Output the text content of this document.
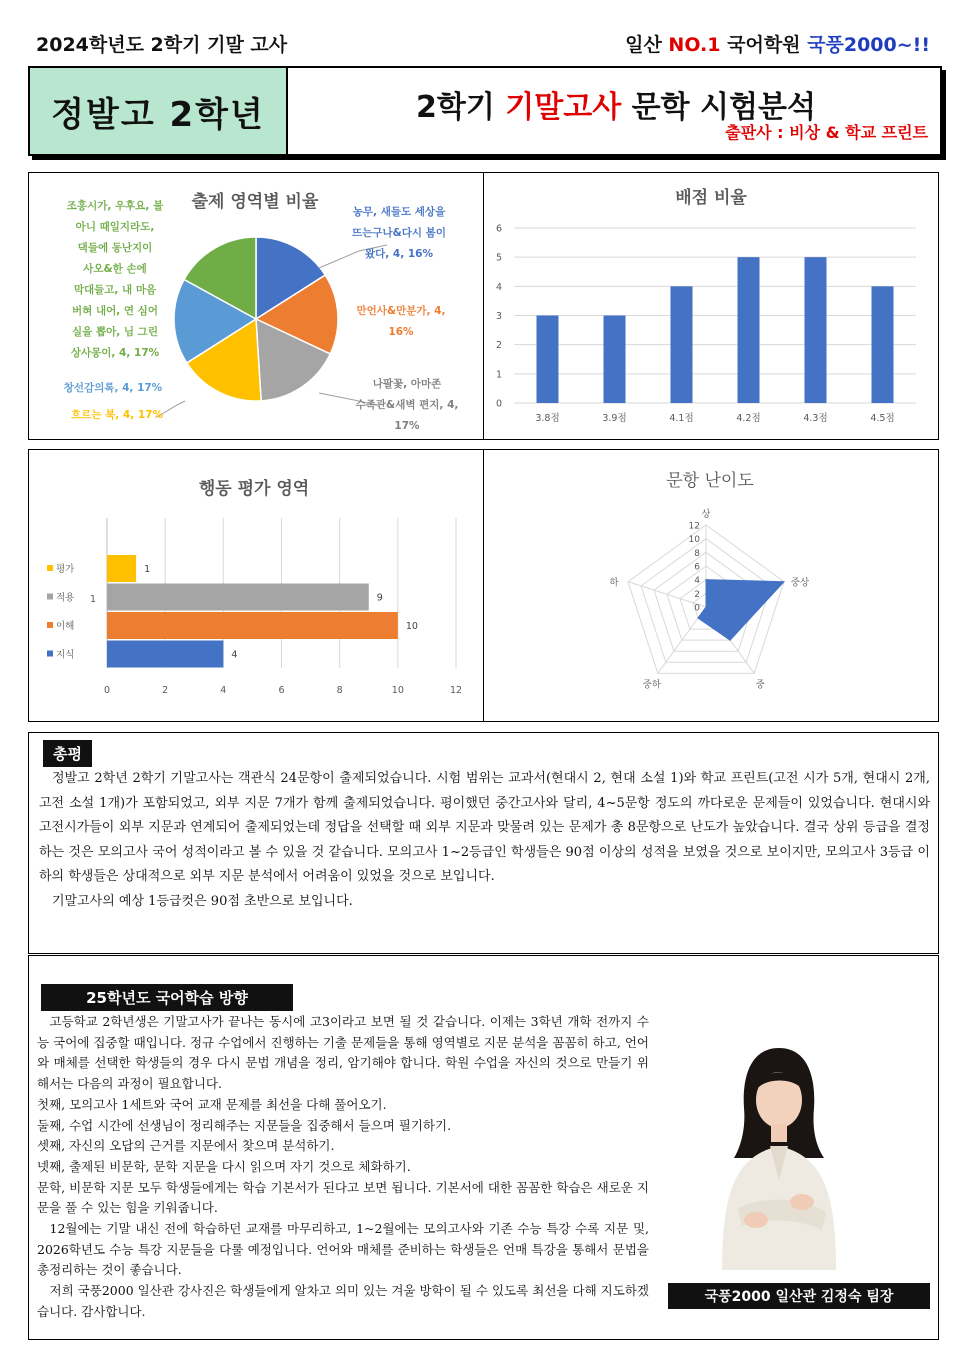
2024학년도 2학기 기말 고사	일산 NO.1 국어학원 국풍2000~!!
정발고 2학년	2학기 기말고사 문학 시험분석
출판사 : 비상 & 학교 프린트
출제 영역별 비율	농무, 새들도 세상을 뜨는구나&다시 봄이 왔다, 4, 16%
만언사&만분가, 4, 16%
나팔꽃, 아마존 수족관&새벽 편지, 4, 17%
흐르는 북, 4, 17%
창선감의록, 4, 17%
조홍시가, 우후요, 불 아니 때일지라도, 댁들에 동난지이 사오&한 손에 막대들고, 내 마음 버혀 내어, 연 심어 실을 뽑아, 님 그린 상사몽이, 4, 17%
배점 비율
0
1
2
3
4
5
6
3.8점	3.9점	4.1점	4.2점	4.3점	4.5점
행동 평가 영역
0	2	4	6	8	10	12
4
지식
10
이해
9
적용
1
평가
1
문항 난이도
0
2
4
6
8
10
12
상
중상
중
중하
하
총평

정발고 2학년 2학기 기말고사는 객관식 24문항이 출제되었습니다. 시험 범위는 교과서(현대시 2, 현대 소설 1)와 학교 프린트(고전 시가 5개, 현대시 2개, 고전 소설 1개)가 포함되었고, 외부 지문 7개가 함께 출제되었습니다. 평이했던 중간고사와 달리, 4~5문항 정도의 까다로운 문제들이 있었습니다. 현대시와 고전시가들이 외부 지문과 연계되어 출제되었는데 정답을 선택할 때 외부 지문과 맞물려 있는 문제가 총 8문항으로 난도가 높았습니다. 결국 상위 등급을 결정하는 것은 모의고사 국어 성적이라고 볼 수 있을 것 같습니다. 모의고사 1~2등급인 학생들은 90점 이상의 성적을 보였을 것으로 보이지만, 모의고사 3등급 이하의 학생들은 상대적으로 외부 지문 분석에서 어려움이 있었을 것으로 보입니다.

기말고사의 예상 1등급컷은 90점 초반으로 보입니다.

25학년도 국어학습 방향

고등학교 2학년생은 기말고사가 끝나는 동시에 고3이라고 보면 될 것 같습니다. 이제는 3학년 개학 전까지 수능 국어에 집중할 때입니다. 정규 수업에서 진행하는 기출 문제들을 통해 영역별로 지문 분석을 꼼꼼히 하고, 언어와 매체를 선택한 학생들의 경우 다시 문법 개념을 정리, 암기해야 합니다. 학원 수업을 자신의 것으로 만들기 위해서는 다음의 과정이 필요합니다.

첫째, 모의고사 1세트와 국어 교재 문제를 최선을 다해 풀어오기.

둘째, 수업 시간에 선생님이 정리해주는 지문들을 집중해서 들으며 필기하기.

셋째, 자신의 오답의 근거를 지문에서 찾으며 분석하기.

넷째, 출제된 비문학, 문학 지문을 다시 읽으며 자기 것으로 체화하기.

문학, 비문학 지문 모두 학생들에게는 학습 기본서가 된다고 보면 됩니다. 기본서에 대한 꼼꼼한 학습은 새로운 지문을 풀 수 있는 힘을 키워줍니다.

12월에는 기말 내신 전에 학습하던 교재를 마무리하고, 1~2월에는 모의고사와 기존 수능 특강 수록 지문 및, 2026학년도 수능 특강 지문들을 다룰 예정입니다. 언어와 매체를 준비하는 학생들은 언매 특강을 통해서 문법을 총정리하는 것이 좋습니다.

저희 국풍2000 일산관 강사진은 학생들에게 알차고 의미 있는 겨울 방학이 될 수 있도록 최선을 다해 지도하겠습니다. 감사합니다.

국풍2000 일산관 김정숙 팀장
